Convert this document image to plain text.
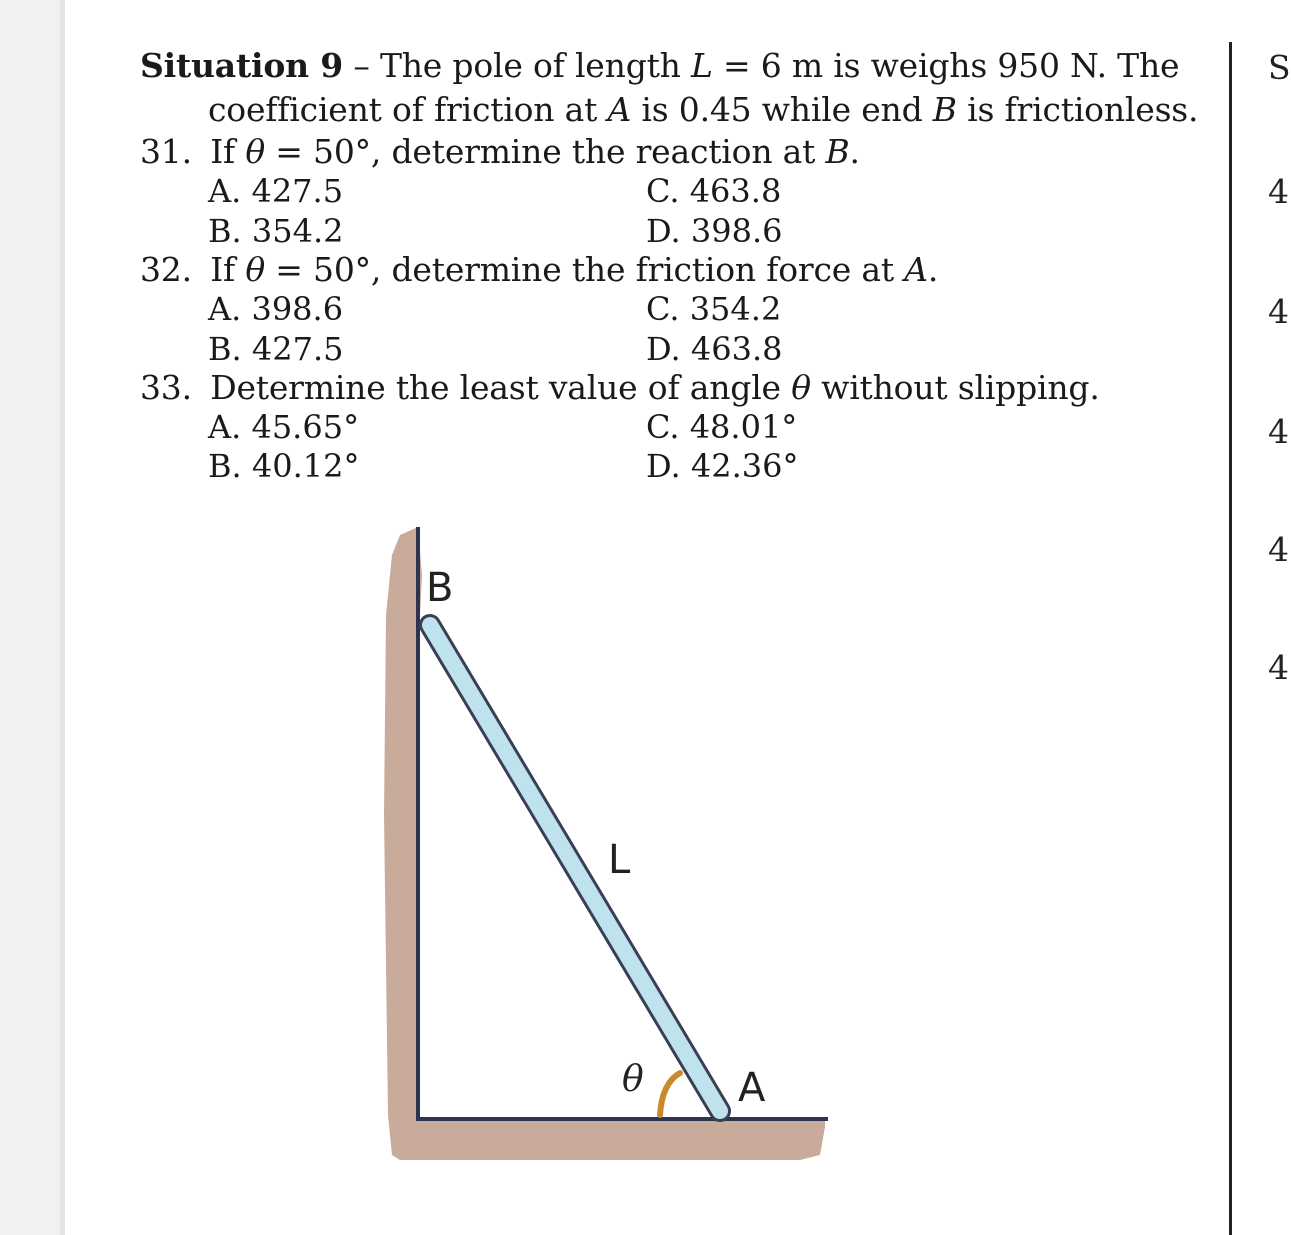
S
4
4
4
4
4
Situation 9 – The pole of length L = 6 m is weighs 950 N. The
coefficient of friction at A is 0.45 while end B is frictionless.
31. If θ = 50°, determine the reaction at B.
A. 427.5	C. 463.8
B. 354.2	D. 398.6
32. If θ = 50°, determine the friction force at A.
A. 398.6	C. 354.2
B. 427.5	D. 463.8
33. Determine the least value of angle θ without slipping.
A. 45.65°	C. 48.01°
B. 40.12°	D. 42.36°
B
L
θ A
